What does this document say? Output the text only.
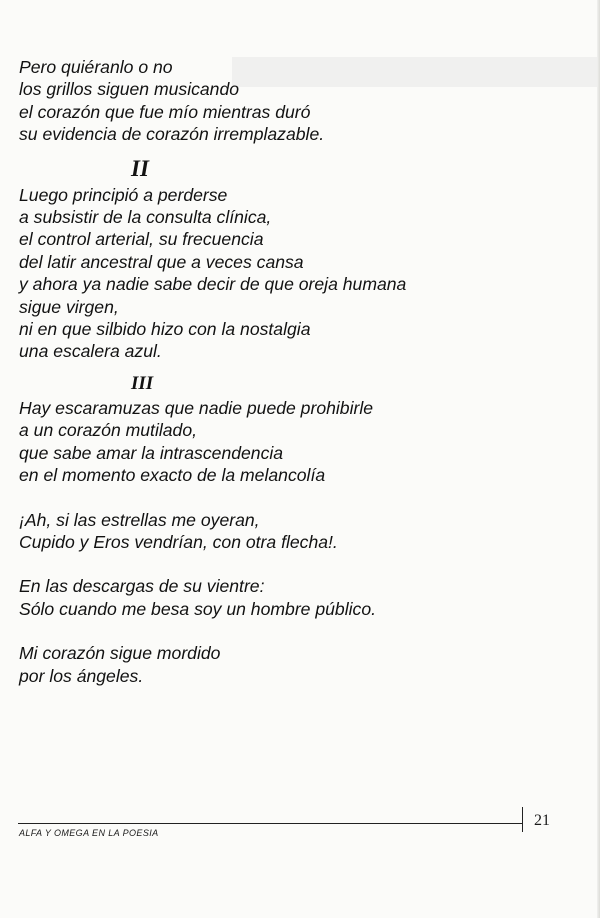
Pero quiéranlo o no
los grillos siguen musicando
el corazón que fue mío mientras duró
su evidencia de corazón irremplazable.
II
Luego principió a perderse
a subsistir de la consulta clínica,
el control arterial, su frecuencia
del latir ancestral que a veces cansa
y ahora ya nadie sabe decir de que oreja humana
sigue virgen,
ni en que silbido hizo con la nostalgia
una escalera azul.
III
Hay escaramuzas que nadie puede prohibirle
a un corazón mutilado,
que sabe amar la intrascendencia
en el momento exacto de la melancolía
¡Ah, si las estrellas me oyeran,
Cupido y Eros vendrían, con otra flecha!.
En las descargas de su vientre:
Sólo cuando me besa soy un hombre público.
Mi corazón sigue mordido
por los ángeles.
ALFA Y OMEGA EN LA POESIA
21
